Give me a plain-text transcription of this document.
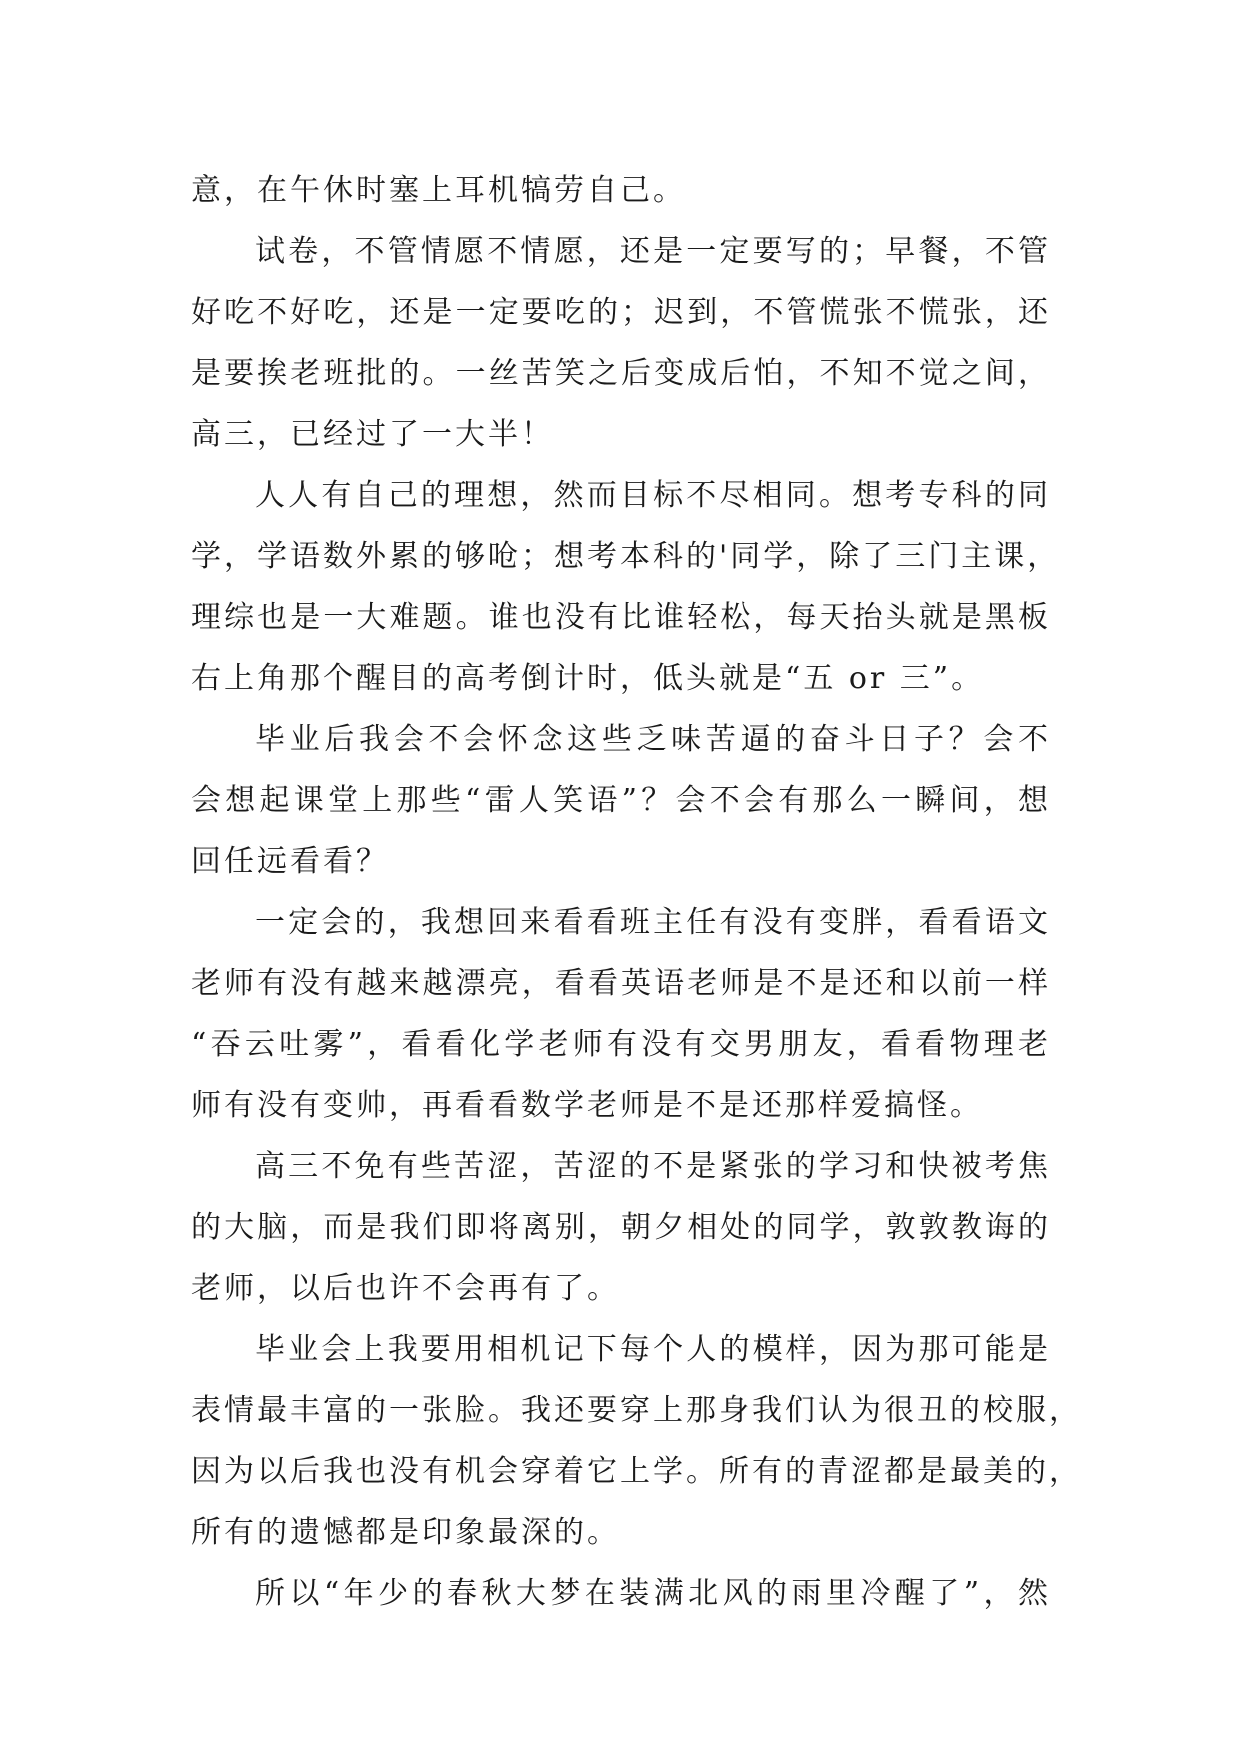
意，在午休时塞上耳机犒劳自己。
试卷，不管情愿不情愿，还是一定要写的；早餐，不管
好吃不好吃，还是一定要吃的；迟到，不管慌张不慌张，还
是要挨老班批的。一丝苦笑之后变成后怕，不知不觉之间，
高三，已经过了一大半！
人人有自己的理想，然而目标不尽相同。想考专科的同
学，学语数外累的够呛；想考本科的'同学，除了三门主课，
理综也是一大难题。谁也没有比谁轻松，每天抬头就是黑板
右上角那个醒目的高考倒计时，低头就是“五 or 三”。
毕业后我会不会怀念这些乏味苦逼的奋斗日子？会不
会想起课堂上那些“雷人笑语”？会不会有那么一瞬间，想
回任远看看？
一定会的，我想回来看看班主任有没有变胖，看看语文
老师有没有越来越漂亮，看看英语老师是不是还和以前一样
“吞云吐雾”，看看化学老师有没有交男朋友，看看物理老
师有没有变帅，再看看数学老师是不是还那样爱搞怪。
高三不免有些苦涩，苦涩的不是紧张的学习和快被考焦
的大脑，而是我们即将离别，朝夕相处的同学，敦敦教诲的
老师，以后也许不会再有了。
毕业会上我要用相机记下每个人的模样，因为那可能是
表情最丰富的一张脸。我还要穿上那身我们认为很丑的校服，
因为以后我也没有机会穿着它上学。所有的青涩都是最美的，
所有的遗憾都是印象最深的。
所以“年少的春秋大梦在装满北风的雨里冷醒了”，然
